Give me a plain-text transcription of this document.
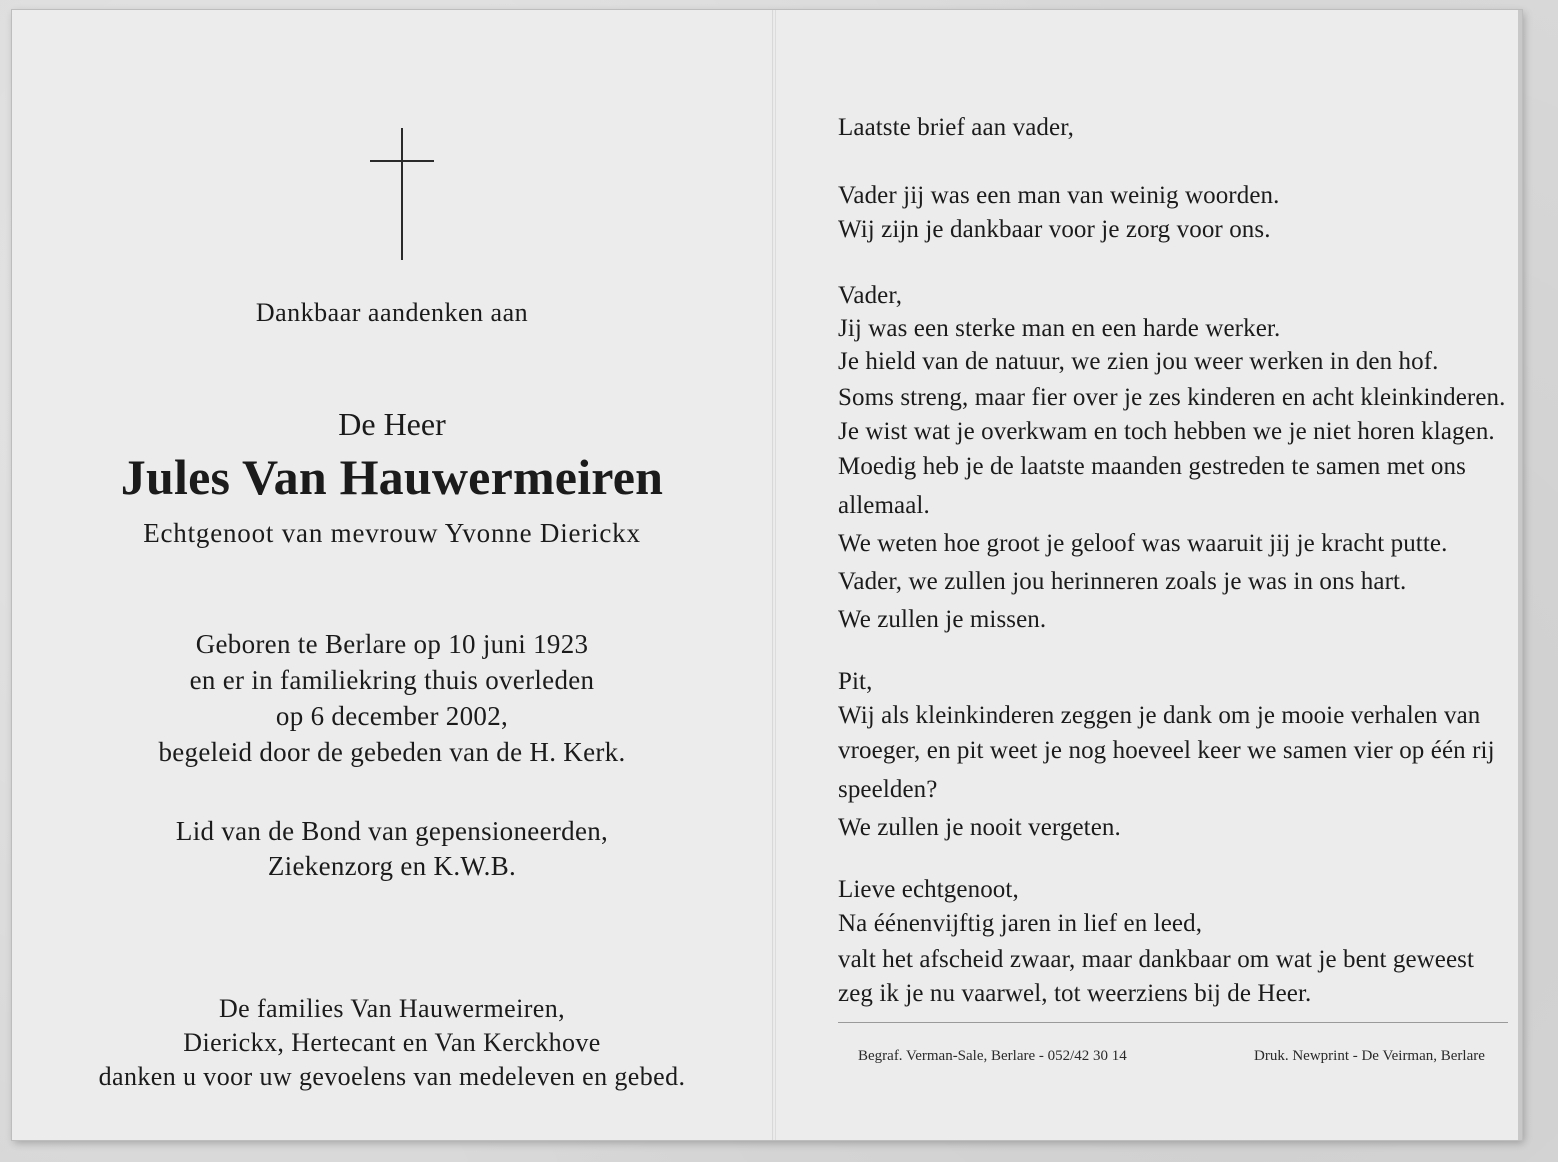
Dankbaar aandenken aan
De Heer
Jules Van Hauwermeiren
Echtgenoot van mevrouw Yvonne Dierickx
Geboren te Berlare op 10 juni 1923
en er in familiekring thuis overleden
op 6 december 2002,
begeleid door de gebeden van de H. Kerk.
Lid van de Bond van gepensioneerden,
Ziekenzorg en K.W.B.
De families Van Hauwermeiren,
Dierickx, Hertecant en Van Kerckhove
danken u voor uw gevoelens van medeleven en gebed.
Laatste brief aan vader,
Vader jij was een man van weinig woorden.
Wij zijn je dankbaar voor je zorg voor ons.
Vader,
Jij was een sterke man en een harde werker.
Je hield van de natuur, we zien jou weer werken in den hof.
Soms streng, maar fier over je zes kinderen en acht kleinkinderen.
Je wist wat je overkwam en toch hebben we je niet horen klagen.
Moedig heb je de laatste maanden gestreden te samen met ons
allemaal.
We weten hoe groot je geloof was waaruit jij je kracht putte.
Vader, we zullen jou herinneren zoals je was in ons hart.
We zullen je missen.
Pit,
Wij als kleinkinderen zeggen je dank om je mooie verhalen van
vroeger, en pit weet je nog hoeveel keer we samen vier op één rij
speelden?
We zullen je nooit vergeten.
Lieve echtgenoot,
Na éénenvijftig jaren in lief en leed,
valt het afscheid zwaar, maar dankbaar om wat je bent geweest
zeg ik je nu vaarwel, tot weerziens bij de Heer.
Begraf. Verman-Sale, Berlare - 052/42 30 14	Druk. Newprint - De Veirman, Berlare
